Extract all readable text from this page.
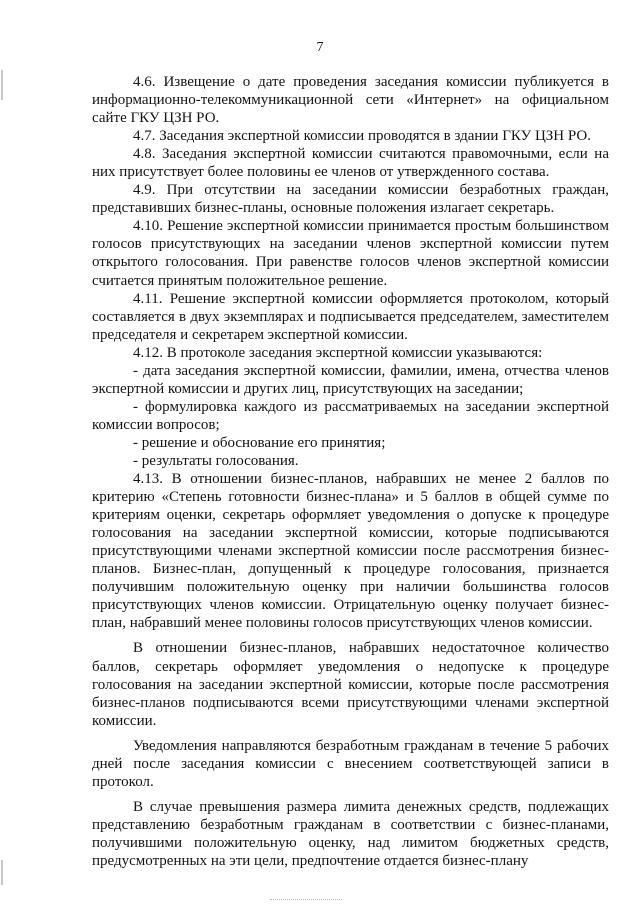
7

4.6. Извещение о дате проведения заседания комиссии публикуется в информационно-телекоммуникационной сети «Интернет» на официальном сайте ГКУ ЦЗН РО.

4.7. Заседания экспертной комиссии проводятся в здании ГКУ ЦЗН РО.

4.8. Заседания экспертной комиссии считаются правомочными, если на них присутствует более половины ее членов от утвержденного состава.

4.9. При отсутствии на заседании комиссии безработных граждан, представивших бизнес-планы, основные положения излагает секретарь.

4.10. Решение экспертной комиссии принимается простым большинством голосов присутствующих на заседании членов экспертной комиссии путем открытого голосования. При равенстве голосов членов экспертной комиссии считается принятым положительное решение.

4.11. Решение экспертной комиссии оформляется протоколом, который составляется в двух экземплярах и подписывается председателем, заместителем председателя и секретарем экспертной комиссии.

4.12. В протоколе заседания экспертной комиссии указываются:

- дата заседания экспертной комиссии, фамилии, имена, отчества членов экспертной комиссии и других лиц, присутствующих на заседании;

- формулировка каждого из рассматриваемых на заседании экспертной комиссии вопросов;

- решение и обоснование его принятия;

- результаты голосования.

4.13. В отношении бизнес-планов, набравших не менее 2 баллов по критерию «Степень готовности бизнес-плана» и 5 баллов в общей сумме по критериям оценки, секретарь оформляет уведомления о допуске к процедуре голосования на заседании экспертной комиссии, которые подписываются присутствующими членами экспертной комиссии после рассмотрения бизнес-планов. Бизнес-план, допущенный к процедуре голосования, признается получившим положительную оценку при наличии большинства голосов присутствующих членов комиссии. Отрицательную оценку получает бизнес-план, набравший менее половины голосов присутствующих членов комиссии.

В отношении бизнес-планов, набравших недостаточное количество баллов, секретарь оформляет уведомления о недопуске к процедуре голосования на заседании экспертной комиссии, которые после рассмотрения бизнес-планов подписываются всеми присутствующими членами экспертной комиссии.

Уведомления направляются безработным гражданам в течение 5 рабочих дней после заседания комиссии с внесением соответствующей записи в протокол.

В случае превышения размера лимита денежных средств, подлежащих представлению безработным гражданам в соответствии с бизнес-планами, получившими положительную оценку, над лимитом бюджетных средств, предусмотренных на эти цели, предпочтение отдается бизнес-плану
